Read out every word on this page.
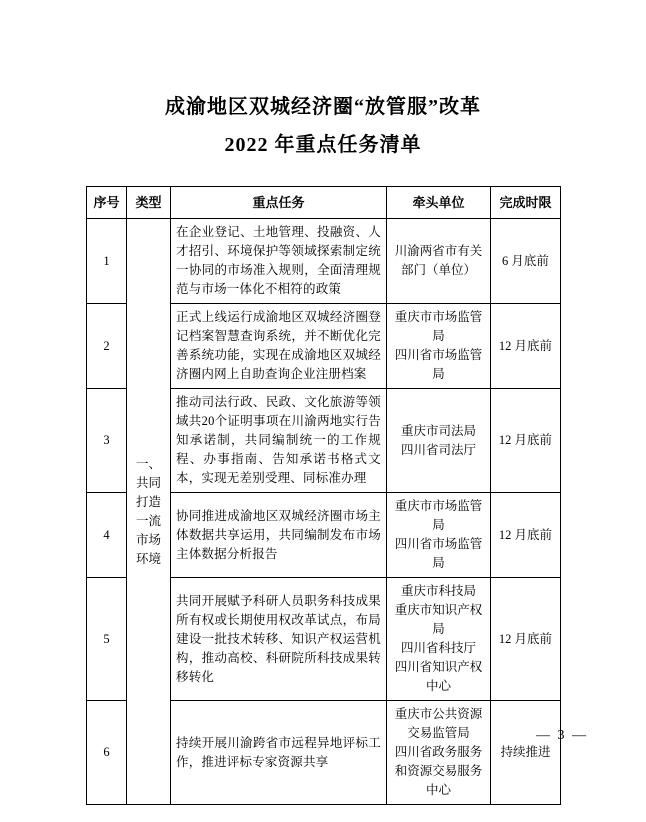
成渝地区双城经济圈“放管服”改革
2022 年重点任务清单
序号	类型	重点任务	牵头单位	完成时限
1	一、共同打造一流市场环境	在企业登记、土地管理、投融资、人才招引、环境保护等领域探索制定统一协同的市场准入规则，全面清理规范与市场一体化不相符的政策	川渝两省市有关部门（单位）	6 月底前
2		正式上线运行成渝地区双城经济圈登记档案智慧查询系统，并不断优化完善系统功能，实现在成渝地区双城经济圈内网上自助查询企业注册档案	重庆市市场监管局
四川省市场监管局	12 月底前
3		推动司法行政、民政、文化旅游等领域共20个证明事项在川渝两地实行告知承诺制，共同编制统一的工作规程、办事指南、告知承诺书格式文本，实现无差别受理、同标准办理	重庆市司法局
四川省司法厅	12 月底前
4		协同推进成渝地区双城经济圈市场主体数据共享运用，共同编制发布市场主体数据分析报告	重庆市市场监管局
四川省市场监管局	12 月底前
5		共同开展赋予科研人员职务科技成果所有权或长期使用权改革试点，布局建设一批技术转移、知识产权运营机构，推动高校、科研院所科技成果转移转化	重庆市科技局
重庆市知识产权局
四川省科技厅
四川省知识产权中心	12 月底前
6		持续开展川渝跨省市远程异地评标工作，推进评标专家资源共享	重庆市公共资源交易监管局
四川省政务服务和资源交易服务中心	持续推进
— 3 —
